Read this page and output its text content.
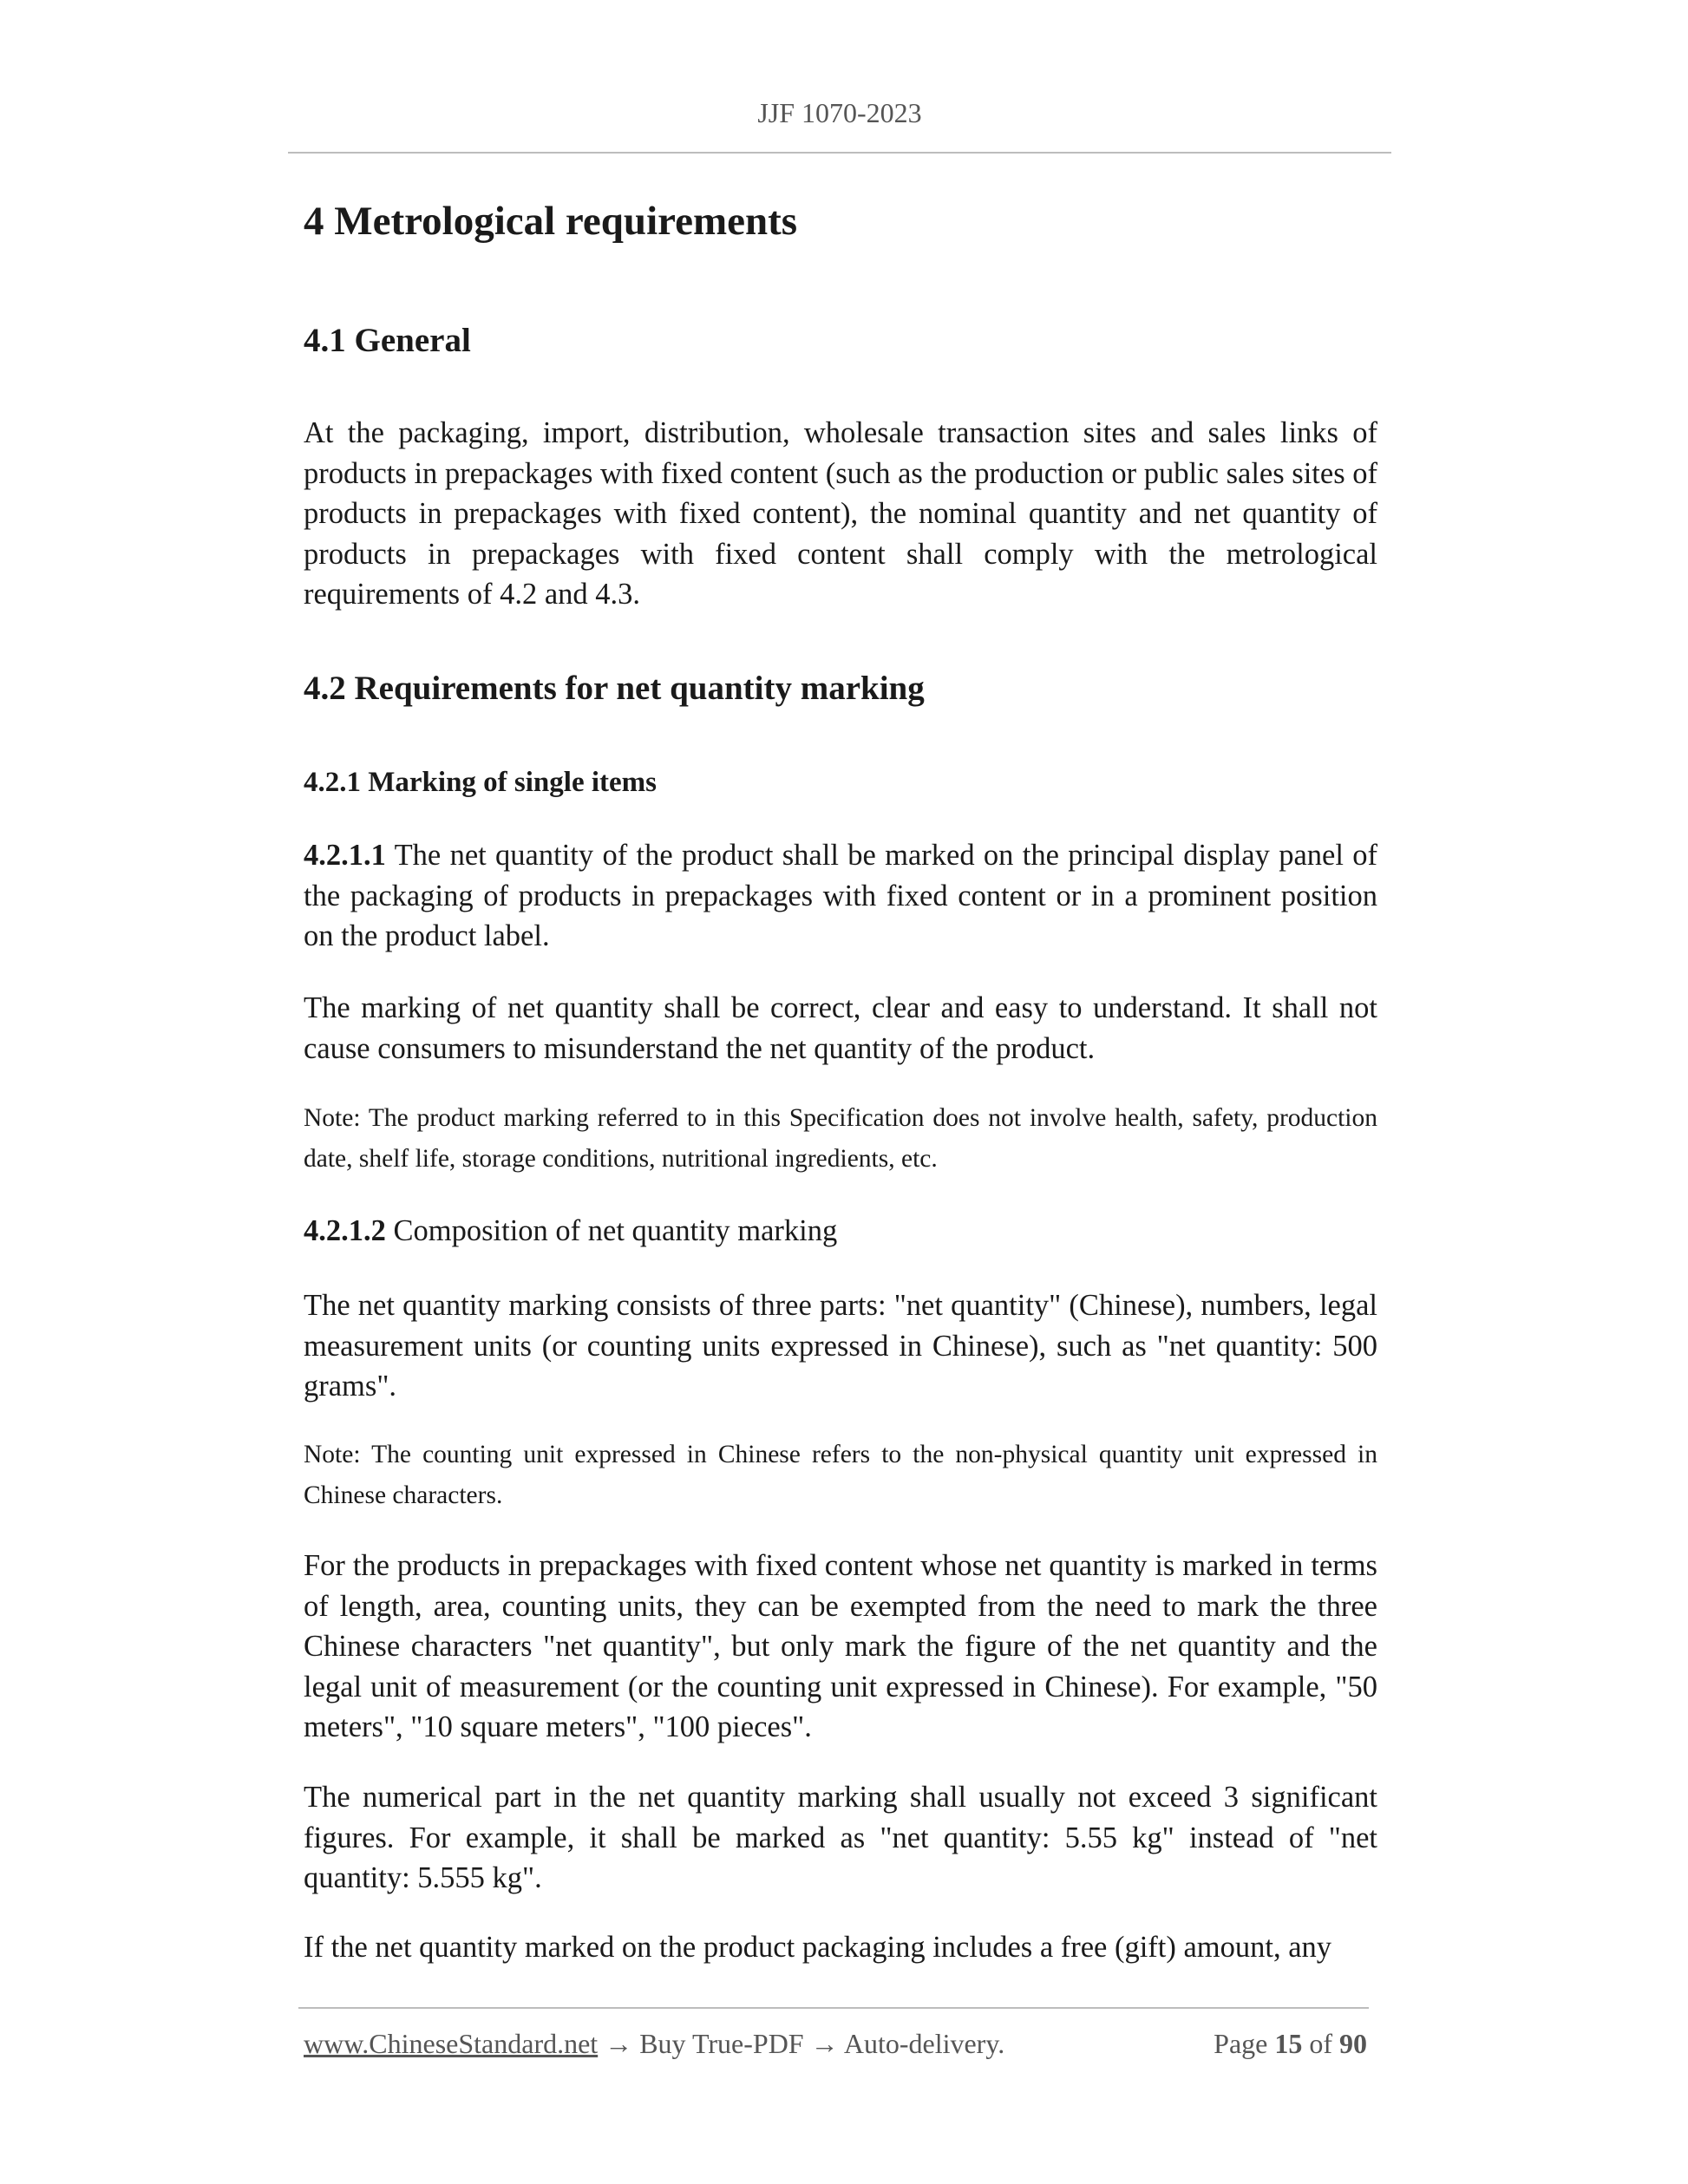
JJF 1070-2023
4 Metrological requirements
4.1 General

At the packaging, import, distribution, wholesale transaction sites and sales links of products in prepackages with fixed content (such as the production or public sales sites of products in prepackages with fixed content), the nominal quantity and net quantity of products in prepackages with fixed content shall comply with the metrological requirements of 4.2 and 4.3.

4.2 Requirements for net quantity marking
4.2.1 Marking of single items

4.2.1.1 The net quantity of the product shall be marked on the principal display panel of the packaging of products in prepackages with fixed content or in a prominent position on the product label.

The marking of net quantity shall be correct, clear and easy to understand. It shall not cause consumers to misunderstand the net quantity of the product.

Note: The product marking referred to in this Specification does not involve health, safety, production date, shelf life, storage conditions, nutritional ingredients, etc.

4.2.1.2 Composition of net quantity marking

The net quantity marking consists of three parts: "net quantity" (Chinese), numbers, legal measurement units (or counting units expressed in Chinese), such as "net quantity: 500 grams".

Note: The counting unit expressed in Chinese refers to the non-physical quantity unit expressed in Chinese characters.

For the products in prepackages with fixed content whose net quantity is marked in terms of length, area, counting units, they can be exempted from the need to mark the three Chinese characters "net quantity", but only mark the figure of the net quantity and the legal unit of measurement (or the counting unit expressed in Chinese). For example, "50 meters", "10 square meters", "100 pieces".

The numerical part in the net quantity marking shall usually not exceed 3 significant figures. For example, it shall be marked as "net quantity: 5.55 kg" instead of "net quantity: 5.555 kg".

If the net quantity marked on the product packaging includes a free (gift) amount, any

www.ChineseStandard.net → Buy True-PDF → Auto-delivery.	Page 15 of 90
